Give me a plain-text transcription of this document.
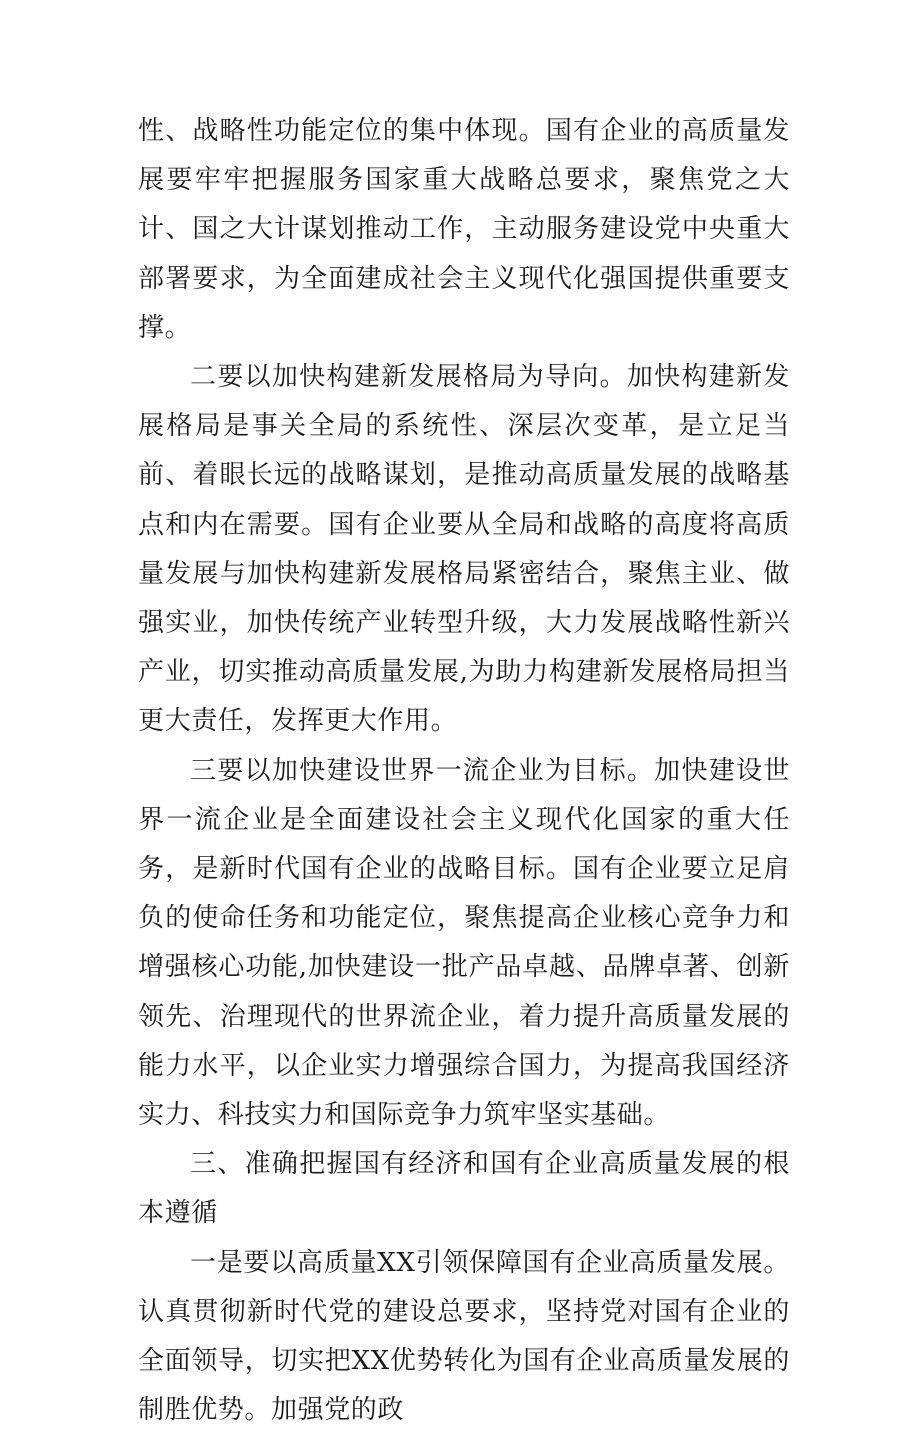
性、战略性功能定位的集中体现。国有企业的高质量发展要牢牢把握服务国家重大战略总要求，聚焦党之大计、国之大计谋划推动工作，主动服务建设党中央重大部署要求，为全面建成社会主义现代化强国提供重要支撑。

二要以加快构建新发展格局为导向。加快构建新发展格局是事关全局的系统性、深层次变革，是立足当前、着眼长远的战略谋划，是推动高质量发展的战略基点和内在需要。国有企业要从全局和战略的高度将高质量发展与加快构建新发展格局紧密结合，聚焦主业、做强实业，加快传统产业转型升级，大力发展战略性新兴产业，切实推动高质量发展,为助力构建新发展格局担当更大责任，发挥更大作用。

三要以加快建设世界一流企业为目标。加快建设世界一流企业是全面建设社会主义现代化国家的重大任务，是新时代国有企业的战略目标。国有企业要立足肩负的使命任务和功能定位，聚焦提高企业核心竞争力和增强核心功能,加快建设一批产品卓越、品牌卓著、创新领先、治理现代的世界流企业，着力提升高质量发展的能力水平，以企业实力增强综合国力，为提高我国经济实力、科技实力和国际竞争力筑牢坚实基础。

三、准确把握国有经济和国有企业高质量发展的根本遵循

一是要以高质量XX引领保障国有企业高质量发展。认真贯彻新时代党的建设总要求，坚持党对国有企业的全面领导，切实把XX优势转化为国有企业高质量发展的制胜优势。加强党的政
